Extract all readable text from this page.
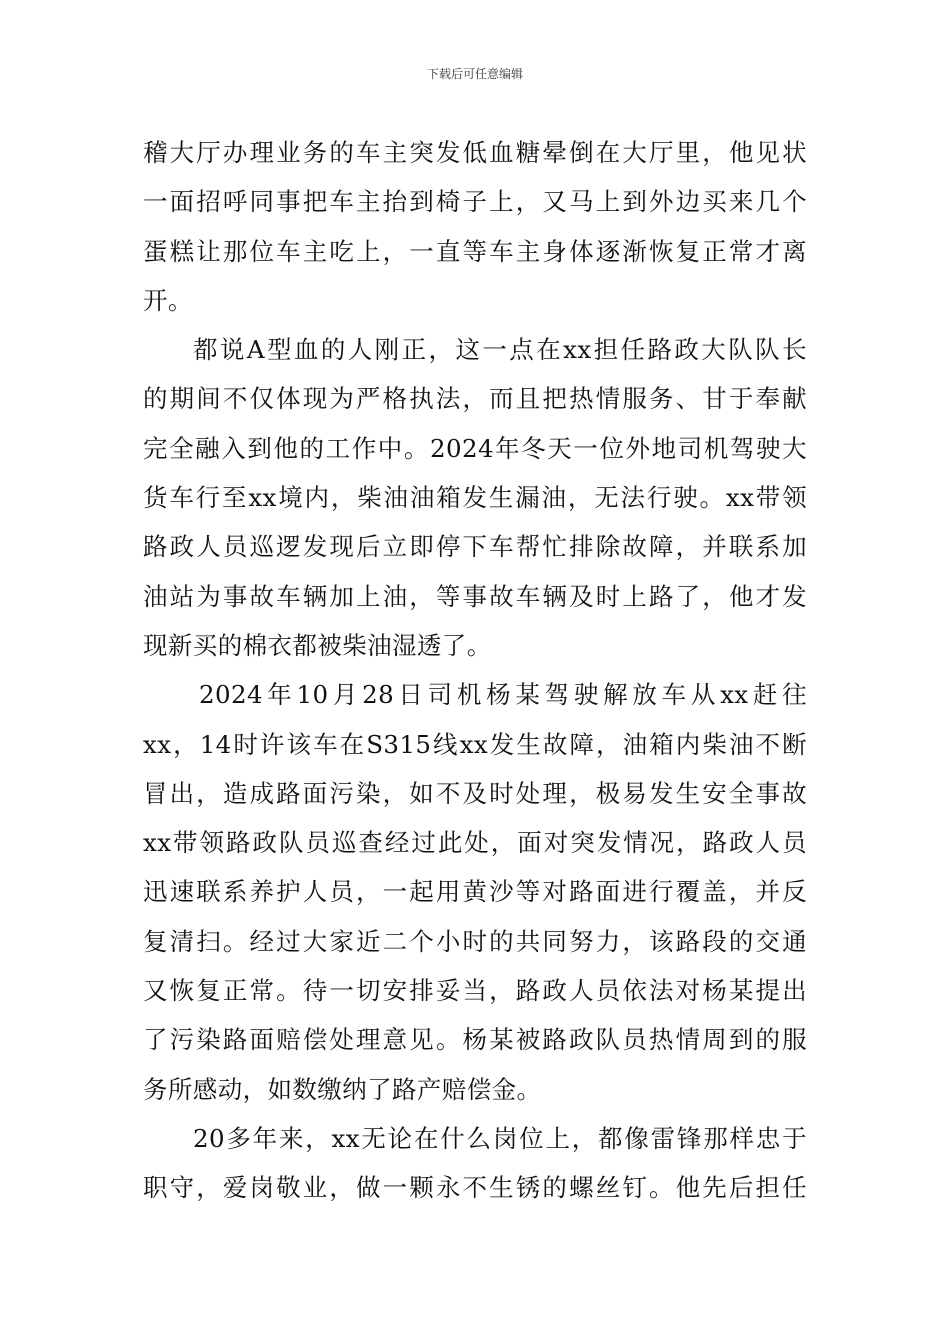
下载后可任意编辑
稽大厅办理业务的车主突发低血糖晕倒在大厅里，他见状
一面招呼同事把车主抬到椅子上，又马上到外边买来几个
蛋糕让那位车主吃上，一直等车主身体逐渐恢复正常才离
开。
都说A型血的人刚正，这一点在xx担任路政大队队长
的期间不仅体现为严格执法，而且把热情服务、甘于奉献
完全融入到他的工作中。2024年冬天一位外地司机驾驶大
货车行至xx境内，柴油油箱发生漏油，无法行驶。xx带领
路政人员巡逻发现后立即停下车帮忙排除故障，并联系加
油站为事故车辆加上油，等事故车辆及时上路了，他才发
现新买的棉衣都被柴油湿透了。
2024年10月28日司机杨某驾驶解放车从xx赶往
xx，14时许该车在S315线xx发生故障，油箱内柴油不断
冒出，造成路面污染，如不及时处理，极易发生安全事故
xx带领路政队员巡查经过此处，面对突发情况，路政人员
迅速联系养护人员，一起用黄沙等对路面进行覆盖，并反
复清扫。经过大家近二个小时的共同努力，该路段的交通
又恢复正常。待一切安排妥当，路政人员依法对杨某提出
了污染路面赔偿处理意见。杨某被路政队员热情周到的服
务所感动，如数缴纳了路产赔偿金。
20多年来，xx无论在什么岗位上，都像雷锋那样忠于
职守，爱岗敬业，做一颗永不生锈的螺丝钉。他先后担任
